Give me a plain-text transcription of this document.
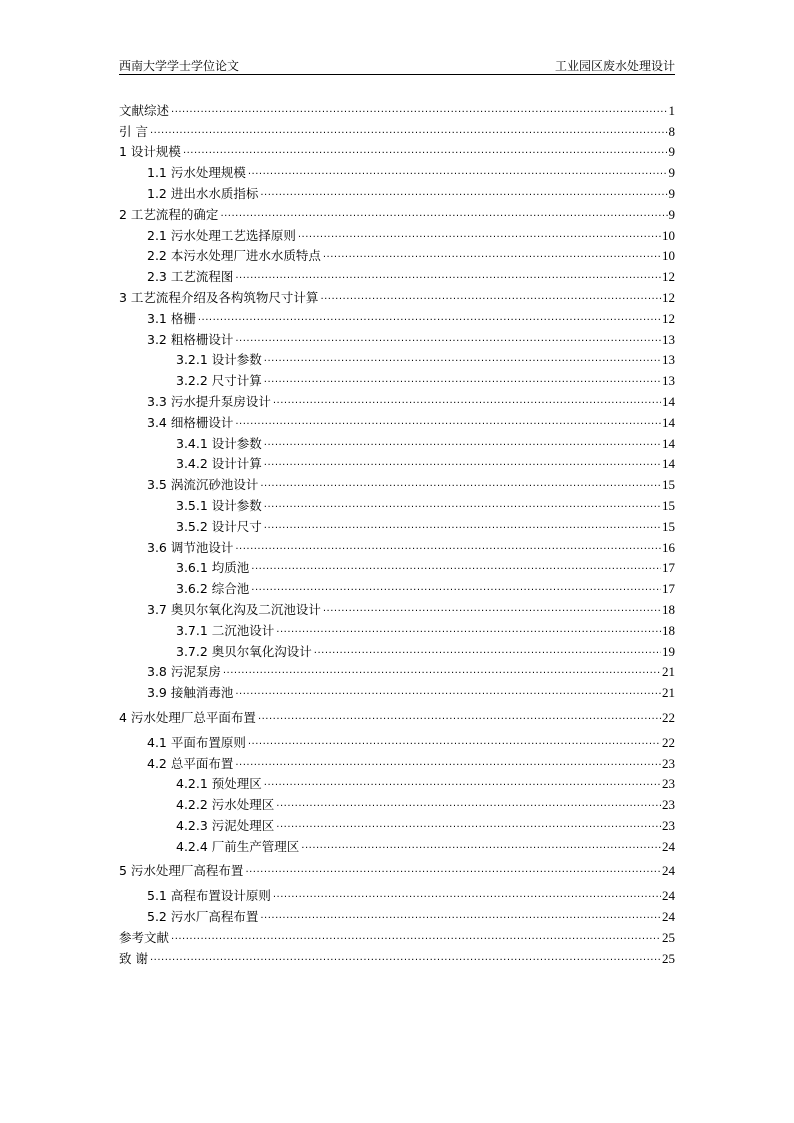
西南大学学士学位论文	工业园区废水处理设计
文献综述 .....	1
引 言 .....	8
1 设计规模 .....	9
1.1 污水处理规模 .....	9
1.2 进出水水质指标 .....	9
2 工艺流程的确定 .....	9
2.1 污水处理工艺选择原则 .....	10
2.2 本污水处理厂进水水质特点 .....	10
2.3 工艺流程图 .....	12
3 工艺流程介绍及各构筑物尺寸计算 .....	12
3.1 格栅 .....	12
3.2 粗格栅设计 .....	13
3.2.1 设计参数 .....	13
3.2.2 尺寸计算 .....	13
3.3 污水提升泵房设计 .....	14
3.4 细格栅设计 .....	14
3.4.1 设计参数 .....	14
3.4.2 设计计算 .....	14
3.5 涡流沉砂池设计 .....	15
3.5.1 设计参数 .....	15
3.5.2 设计尺寸 .....	15
3.6 调节池设计 .....	16
3.6.1 均质池 .....	17
3.6.2 综合池 .....	17
3.7 奥贝尔氧化沟及二沉池设计 .....	18
3.7.1 二沉池设计 .....	18
3.7.2 奥贝尔氧化沟设计 .....	19
3.8 污泥泵房 .....	21
3.9 接触消毒池 .....	21
4 污水处理厂总平面布置 .....	22
4.1 平面布置原则 .....	22
4.2 总平面布置 .....	23
4.2.1 预处理区 .....	23
4.2.2 污水处理区 .....	23
4.2.3 污泥处理区 .....	23
4.2.4 厂前生产管理区 .....	24
5 污水处理厂高程布置 .....	24
5.1 高程布置设计原则 .....	24
5.2 污水厂高程布置 .....	24
参考文献 .....	25
致 谢 .....	25
